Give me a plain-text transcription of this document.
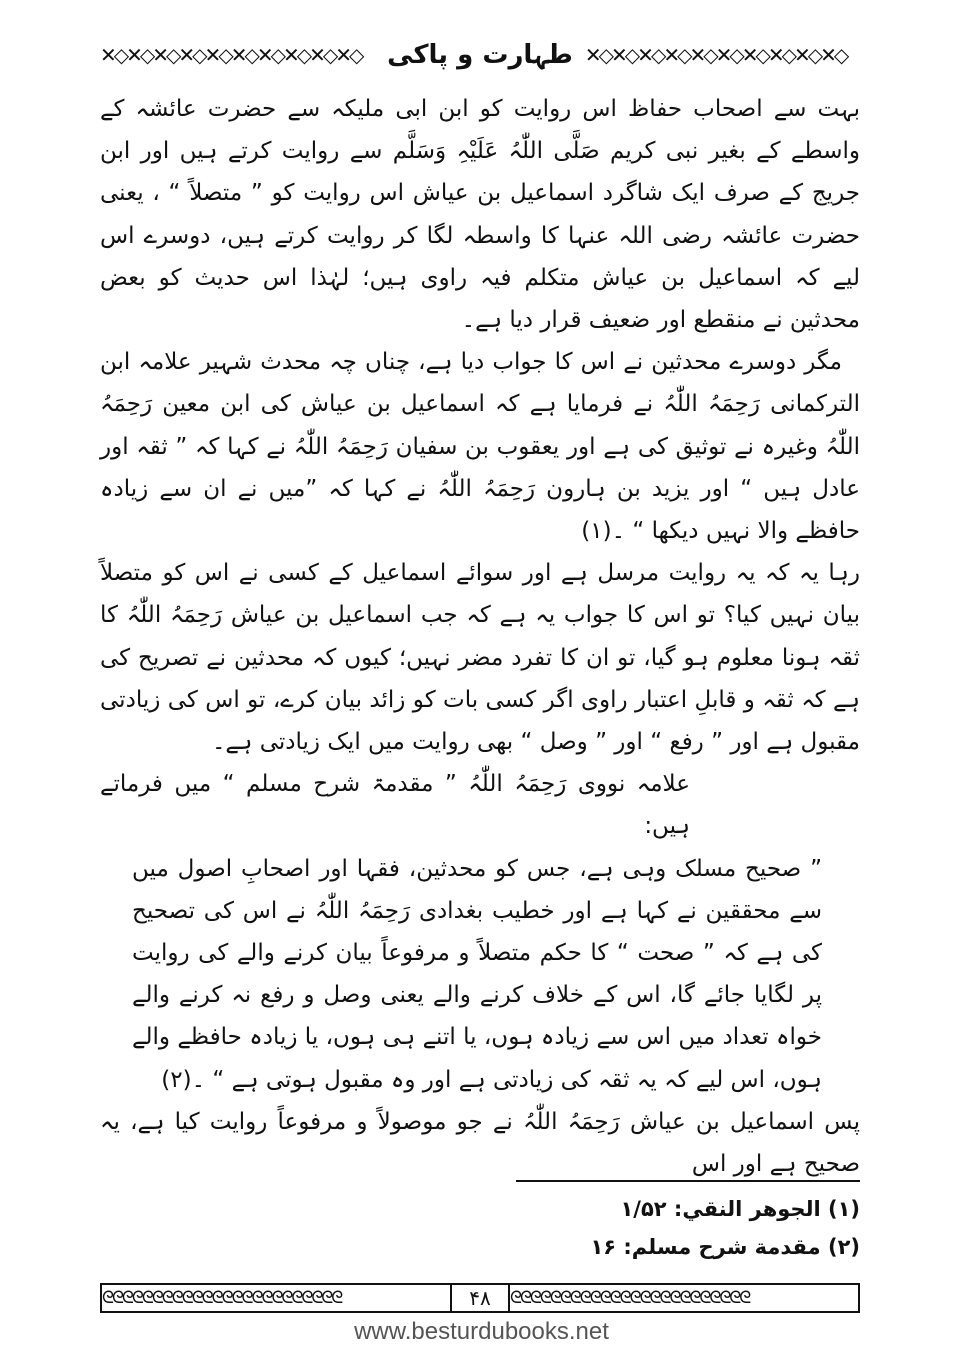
✕◇✕◇✕◇✕◇✕◇✕◇✕◇✕◇✕◇✕◇ طہارت و پاکی ✕◇✕◇✕◇✕◇✕◇✕◇✕◇✕◇✕◇✕◇

بہت سے اصحاب حفاظ اس روایت کو ابن ابی ملیکہ سے حضرت عائشہ کے واسطے کے بغیر نبی کریم صَلَّی اللّٰہُ عَلَیْہِ وَسَلَّم سے روایت کرتے ہیں اور ابن جریج کے صرف ایک شاگرد اسماعیل بن عیاش اس روایت کو ” متصلاً “ ، یعنی حضرت عائشہ رضی اللہ عنہا کا واسطہ لگا کر روایت کرتے ہیں، دوسرے اس لیے کہ اسماعیل بن عیاش متکلم فیہ راوی ہیں؛ لہٰذا اس حدیث کو بعض محدثین نے منقطع اور ضعیف قرار دیا ہے۔

مگر دوسرے محدثین نے اس کا جواب دیا ہے، چناں چہ محدث شہیر علامہ ابن الترکمانی رَحِمَہُ اللّٰہُ نے فرمایا ہے کہ اسماعیل بن عیاش کی ابن معین رَحِمَہُ اللّٰہُ وغیرہ نے توثیق کی ہے اور یعقوب بن سفیان رَحِمَہُ اللّٰہُ نے کہا کہ ” ثقہ اور عادل ہیں “ اور یزید بن ہارون رَحِمَہُ اللّٰہُ نے کہا کہ ”میں نے ان سے زیادہ حافظے والا نہیں دیکھا “ ۔(۱)

رہا یہ کہ یہ روایت مرسل ہے اور سوائے اسماعیل کے کسی نے اس کو متصلاً بیان نہیں کیا؟ تو اس کا جواب یہ ہے کہ جب اسماعیل بن عیاش رَحِمَہُ اللّٰہُ کا ثقہ ہونا معلوم ہو گیا، تو ان کا تفرد مضر نہیں؛ کیوں کہ محدثین نے تصریح کی ہے کہ ثقہ و قابلِ اعتبار راوی اگر کسی بات کو زائد بیان کرے، تو اس کی زیادتی مقبول ہے اور ” رفع “ اور ” وصل “ بھی روایت میں ایک زیادتی ہے۔

علامہ نووی رَحِمَہُ اللّٰہُ ” مقدمۃ شرح مسلم “ میں فرماتے ہیں:

” صحیح مسلک وہی ہے، جس کو محدثین، فقہا اور اصحابِ اصول میں سے محققین نے کہا ہے اور خطیب بغدادی رَحِمَہُ اللّٰہُ نے اس کی تصحیح کی ہے کہ ” صحت “ کا حکم متصلاً و مرفوعاً بیان کرنے والے کی روایت پر لگایا جائے گا، اس کے خلاف کرنے والے یعنی وصل و رفع نہ کرنے والے خواہ تعداد میں اس سے زیادہ ہوں، یا اتنے ہی ہوں، یا زیادہ حافظے والے ہوں، اس لیے کہ یہ ثقہ کی زیادتی ہے اور وہ مقبول ہوتی ہے “ ۔(۲)

پس اسماعیل بن عیاش رَحِمَہُ اللّٰہُ نے جو موصولاً و مرفوعاً روایت کیا ہے، یہ صحیح ہے اور اس

(۱) الجوهر النقي: ۱/۵۲

(۲) مقدمة شرح مسلم: ۱۶

ᘓᘓᘓᘓᘓᘓᘓᘓᘓᘓᘓᘓᘓᘓᘓᘓᘓᘓᘓᘓᘓᘓᘓᘓ	۴۸	ᘓᘓᘓᘓᘓᘓᘓᘓᘓᘓᘓᘓᘓᘓᘓᘓᘓᘓᘓᘓᘓᘓᘓᘓ
www.besturdubooks.net
